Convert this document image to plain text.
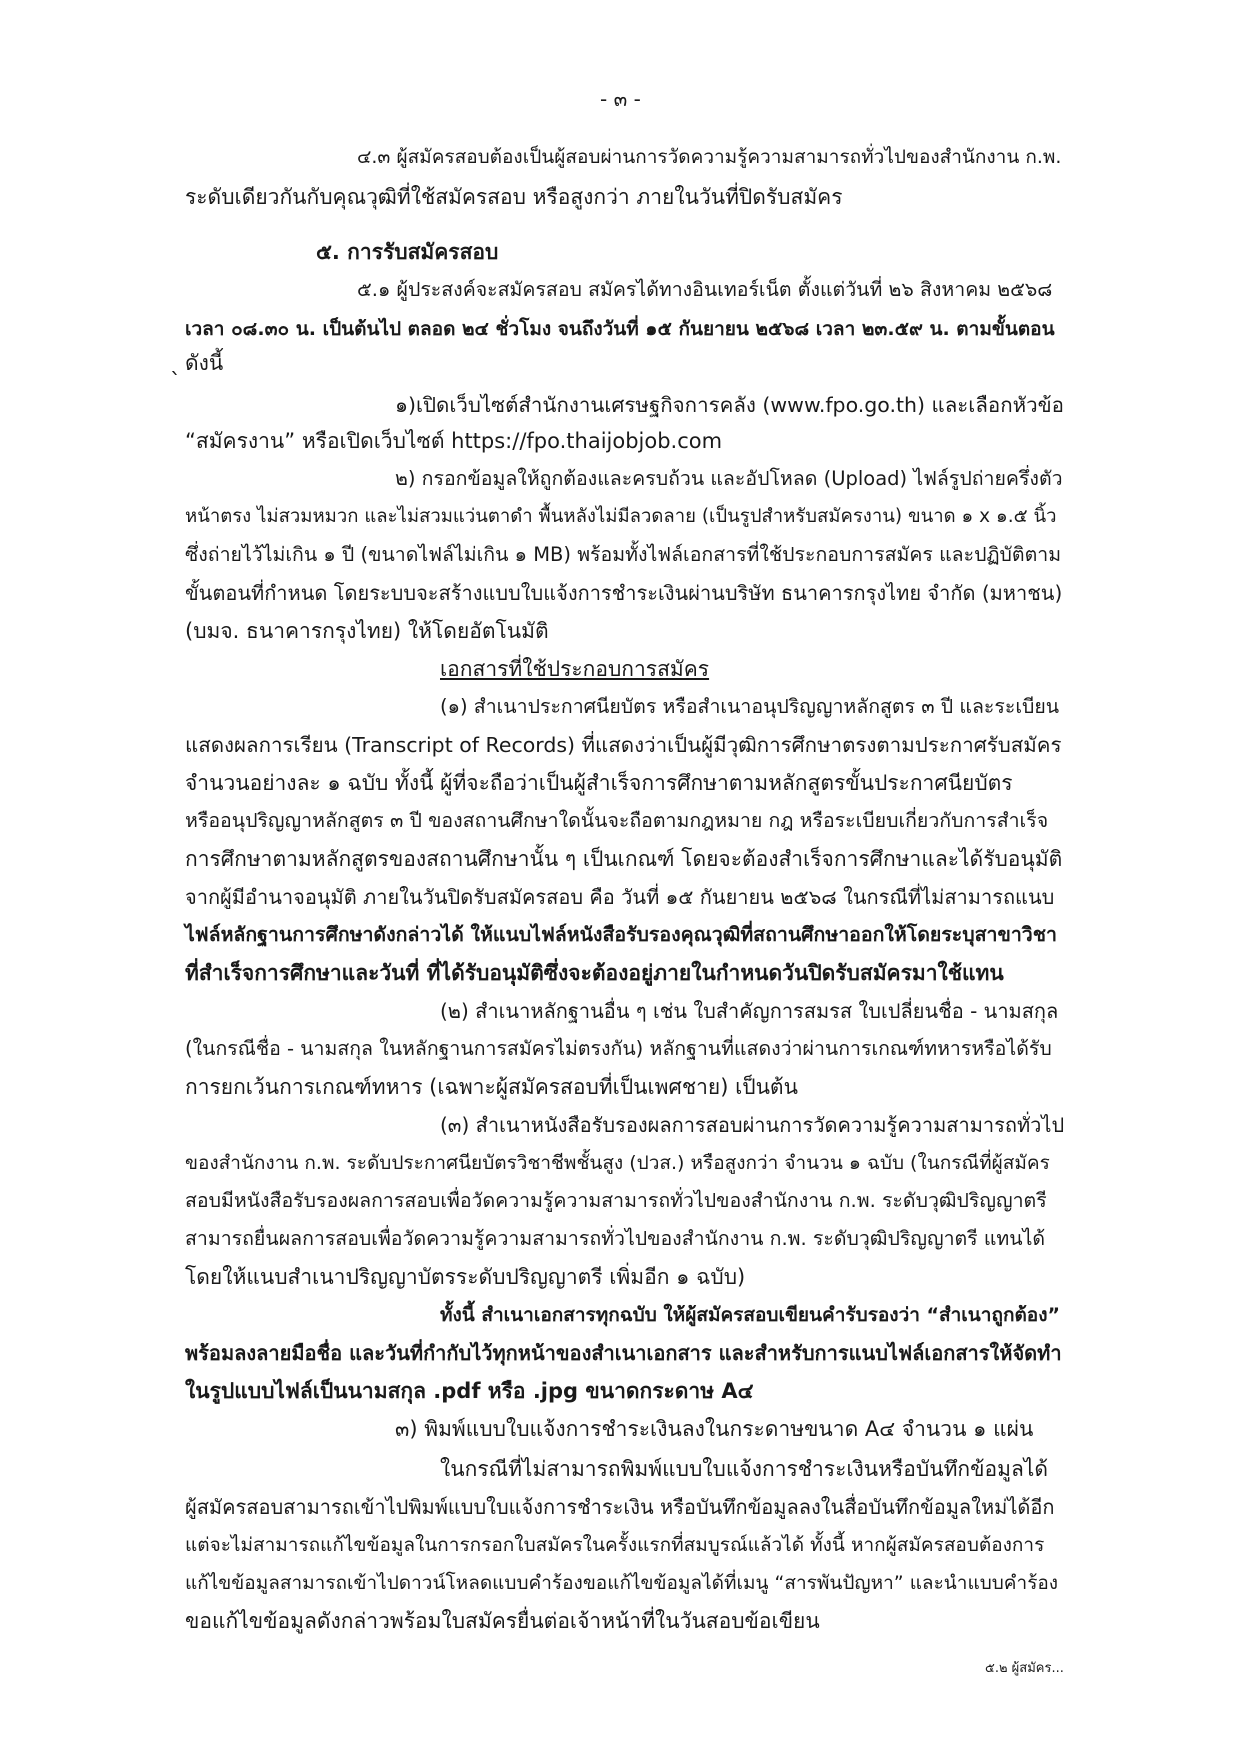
- ๓ -
`
๔.๓ ผู้สมัครสอบต้องเป็นผู้สอบผ่านการวัดความรู้ความสามารถทั่วไปของสำนักงาน ก.พ.
ระดับเดียวกันกับคุณวุฒิที่ใช้สมัครสอบ หรือสูงกว่า ภายในวันที่ปิดรับสมัคร
๕. การรับสมัครสอบ
๕.๑ ผู้ประสงค์จะสมัครสอบ สมัครได้ทางอินเทอร์เน็ต ตั้งแต่วันที่ ๒๖ สิงหาคม ๒๕๖๘
เวลา ๐๘.๓๐ น. เป็นต้นไป ตลอด ๒๔ ชั่วโมง จนถึงวันที่ ๑๕ กันยายน ๒๕๖๘ เวลา ๒๓.๕๙ น. ตามขั้นตอน
ดังนี้
๑)เปิดเว็บไซต์สำนักงานเศรษฐกิจการคลัง (www.fpo.go.th) และเลือกหัวข้อ
“สมัครงาน” หรือเปิดเว็บไซต์ https://fpo.thaijobjob.com
๒) กรอกข้อมูลให้ถูกต้องและครบถ้วน และอัปโหลด (Upload) ไฟล์รูปถ่ายครึ่งตัว
หน้าตรง ไม่สวมหมวก และไม่สวมแว่นตาดำ พื้นหลังไม่มีลวดลาย (เป็นรูปสำหรับสมัครงาน) ขนาด ๑ x ๑.๕ นิ้ว
ซึ่งถ่ายไว้ไม่เกิน ๑ ปี (ขนาดไฟล์ไม่เกิน ๑ MB) พร้อมทั้งไฟล์เอกสารที่ใช้ประกอบการสมัคร และปฏิบัติตาม
ขั้นตอนที่กำหนด โดยระบบจะสร้างแบบใบแจ้งการชำระเงินผ่านบริษัท ธนาคารกรุงไทย จำกัด (มหาชน)
(บมจ. ธนาคารกรุงไทย) ให้โดยอัตโนมัติ
เอกสารที่ใช้ประกอบการสมัคร
(๑) สำเนาประกาศนียบัตร หรือสำเนาอนุปริญญาหลักสูตร ๓ ปี และระเบียน
แสดงผลการเรียน (Transcript of Records) ที่แสดงว่าเป็นผู้มีวุฒิการศึกษาตรงตามประกาศรับสมัคร
จำนวนอย่างละ ๑ ฉบับ ทั้งนี้ ผู้ที่จะถือว่าเป็นผู้สำเร็จการศึกษาตามหลักสูตรขั้นประกาศนียบัตร
หรืออนุปริญญาหลักสูตร ๓ ปี ของสถานศึกษาใดนั้นจะถือตามกฎหมาย กฎ หรือระเบียบเกี่ยวกับการสำเร็จ
การศึกษาตามหลักสูตรของสถานศึกษานั้น ๆ เป็นเกณฑ์ โดยจะต้องสำเร็จการศึกษาและได้รับอนุมัติ
จากผู้มีอำนาจอนุมัติ ภายในวันปิดรับสมัครสอบ คือ วันที่ ๑๕ กันยายน ๒๕๖๘ ในกรณีที่ไม่สามารถแนบ
ไฟล์หลักฐานการศึกษาดังกล่าวได้ ให้แนบไฟล์หนังสือรับรองคุณวุฒิที่สถานศึกษาออกให้โดยระบุสาขาวิชา
ที่สำเร็จการศึกษาและวันที่ ที่ได้รับอนุมัติซึ่งจะต้องอยู่ภายในกำหนดวันปิดรับสมัครมาใช้แทน
(๒) สำเนาหลักฐานอื่น ๆ เช่น ใบสำคัญการสมรส ใบเปลี่ยนชื่อ - นามสกุล
(ในกรณีชื่อ - นามสกุล ในหลักฐานการสมัครไม่ตรงกัน) หลักฐานที่แสดงว่าผ่านการเกณฑ์ทหารหรือได้รับ
การยกเว้นการเกณฑ์ทหาร (เฉพาะผู้สมัครสอบที่เป็นเพศชาย) เป็นต้น
(๓) สำเนาหนังสือรับรองผลการสอบผ่านการวัดความรู้ความสามารถทั่วไป
ของสำนักงาน ก.พ. ระดับประกาศนียบัตรวิชาชีพชั้นสูง (ปวส.) หรือสูงกว่า จำนวน ๑ ฉบับ (ในกรณีที่ผู้สมัคร
สอบมีหนังสือรับรองผลการสอบเพื่อวัดความรู้ความสามารถทั่วไปของสำนักงาน ก.พ. ระดับวุฒิปริญญาตรี
สามารถยื่นผลการสอบเพื่อวัดความรู้ความสามารถทั่วไปของสำนักงาน ก.พ. ระดับวุฒิปริญญาตรี แทนได้
โดยให้แนบสำเนาปริญญาบัตรระดับปริญญาตรี เพิ่มอีก ๑ ฉบับ)
ทั้งนี้ สำเนาเอกสารทุกฉบับ ให้ผู้สมัครสอบเขียนคำรับรองว่า “สำเนาถูกต้อง”
พร้อมลงลายมือชื่อ และวันที่กำกับไว้ทุกหน้าของสำเนาเอกสาร และสำหรับการแนบไฟล์เอกสารให้จัดทำ
ในรูปแบบไฟล์เป็นนามสกุล .pdf หรือ .jpg ขนาดกระดาษ A๔
๓) พิมพ์แบบใบแจ้งการชำระเงินลงในกระดาษขนาด A๔ จำนวน ๑ แผ่น
ในกรณีที่ไม่สามารถพิมพ์แบบใบแจ้งการชำระเงินหรือบันทึกข้อมูลได้
ผู้สมัครสอบสามารถเข้าไปพิมพ์แบบใบแจ้งการชำระเงิน หรือบันทึกข้อมูลลงในสื่อบันทึกข้อมูลใหม่ได้อีก
แต่จะไม่สามารถแก้ไขข้อมูลในการกรอกใบสมัครในครั้งแรกที่สมบูรณ์แล้วได้ ทั้งนี้ หากผู้สมัครสอบต้องการ
แก้ไขข้อมูลสามารถเข้าไปดาวน์โหลดแบบคำร้องขอแก้ไขข้อมูลได้ที่เมนู “สารพันปัญหา” และนำแบบคำร้อง
ขอแก้ไขข้อมูลดังกล่าวพร้อมใบสมัครยื่นต่อเจ้าหน้าที่ในวันสอบข้อเขียน
๕.๒ ผู้สมัคร...
